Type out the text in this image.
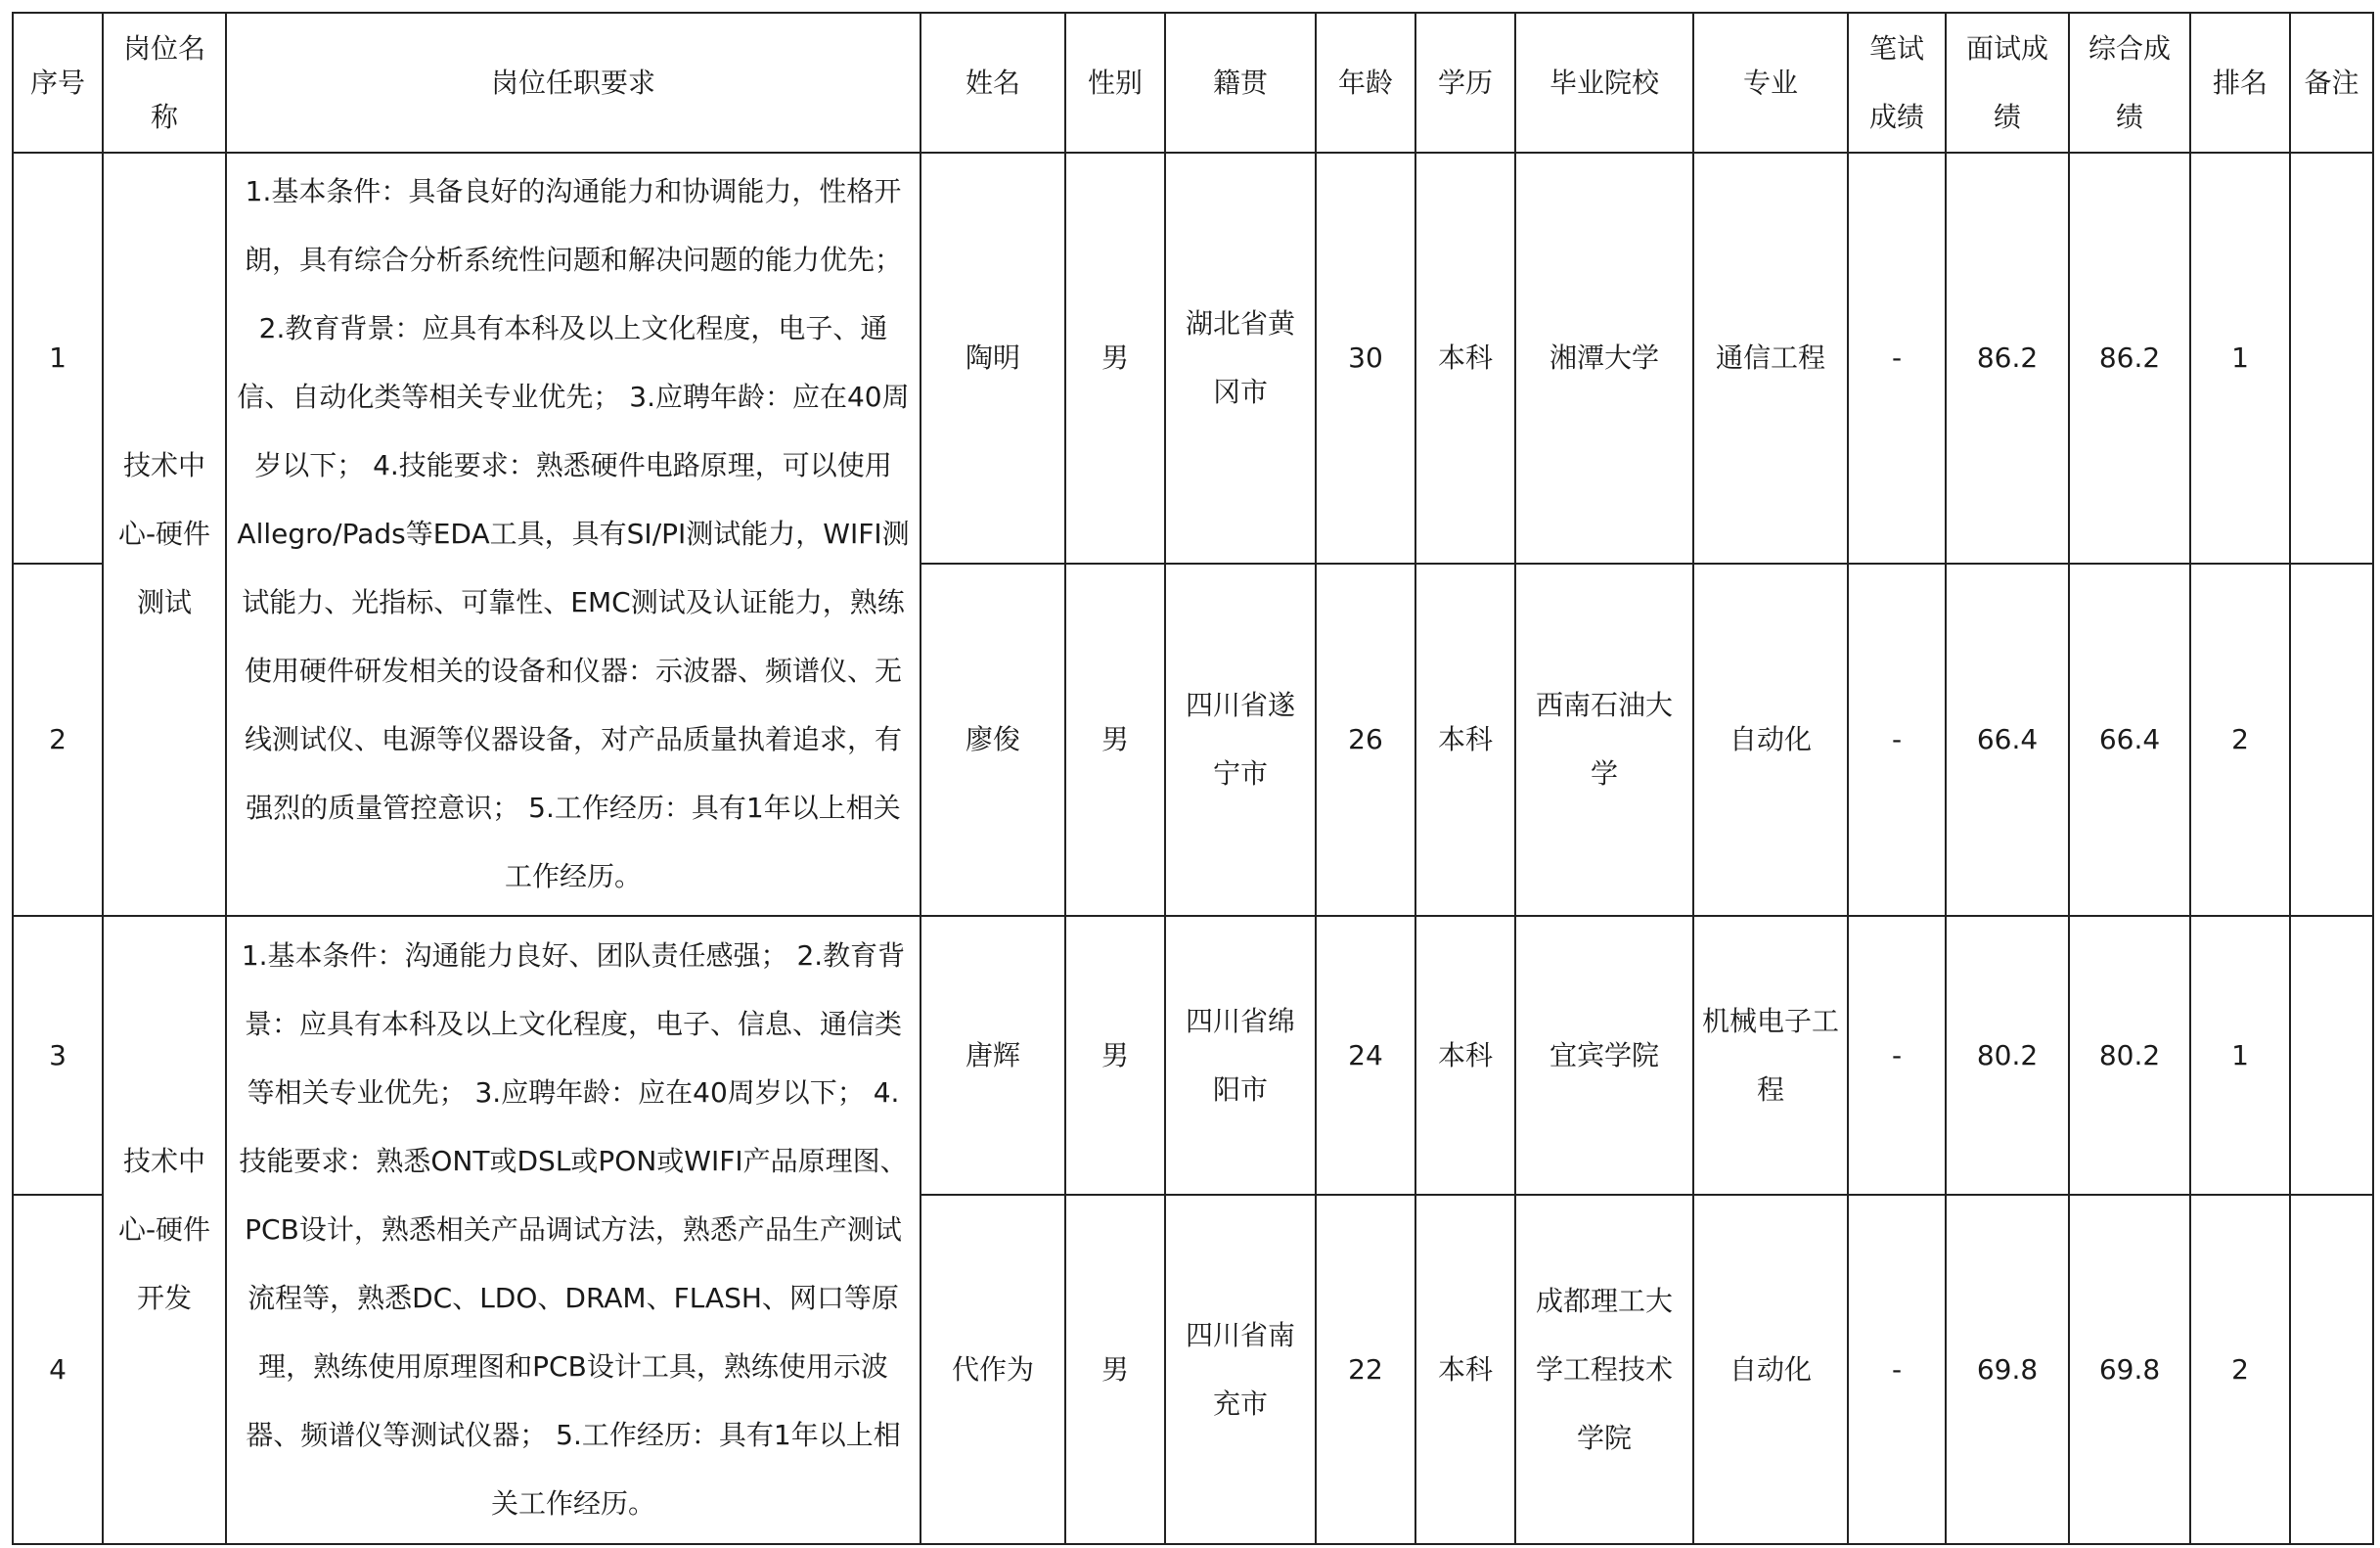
序号	岗位名称	岗位任职要求	姓名	性别	籍贯	年龄	学历	毕业院校	专业	笔试成绩	面试成绩	综合成绩	排名	备注
1	技术中心-硬件测试	1.基本条件：具备良好的沟通能力和协调能力，性格开朗，具有综合分析系统性问题和解决问题的能力优先； 2.教育背景：应具有本科及以上文化程度，电子、通信、自动化类等相关专业优先； 3.应聘年龄：应在40周岁以下； 4.技能要求：熟悉硬件电路原理，可以使用Allegro/Pads等EDA工具，具有SI/PI测试能力，WIFI测试能力、光指标、可靠性、EMC测试及认证能力，熟练使用硬件研发相关的设备和仪器：示波器、频谱仪、无线测试仪、电源等仪器设备，对产品质量执着追求，有强烈的质量管控意识； 5.工作经历：具有1年以上相关工作经历。	陶明	男	湖北省黄冈市	30	本科	湘潭大学	通信工程	-	86.2	86.2	1	
2			廖俊	男	四川省遂宁市	26	本科	西南石油大学	自动化	-	66.4	66.4	2	
3	技术中心-硬件开发	1.基本条件：沟通能力良好、团队责任感强； 2.教育背景：应具有本科及以上文化程度，电子、信息、通信类等相关专业优先； 3.应聘年龄：应在40周岁以下； 4.技能要求：熟悉ONT或DSL或PON或WIFI产品原理图、PCB设计，熟悉相关产品调试方法，熟悉产品生产测试流程等，熟悉DC、LDO、DRAM、FLASH、网口等原理，熟练使用原理图和PCB设计工具，熟练使用示波器、频谱仪等测试仪器； 5.工作经历：具有1年以上相关工作经历。	唐辉	男	四川省绵阳市	24	本科	宜宾学院	机械电子工程	-	80.2	80.2	1	
4			代作为	男	四川省南充市	22	本科	成都理工大学工程技术学院	自动化	-	69.8	69.8	2	
